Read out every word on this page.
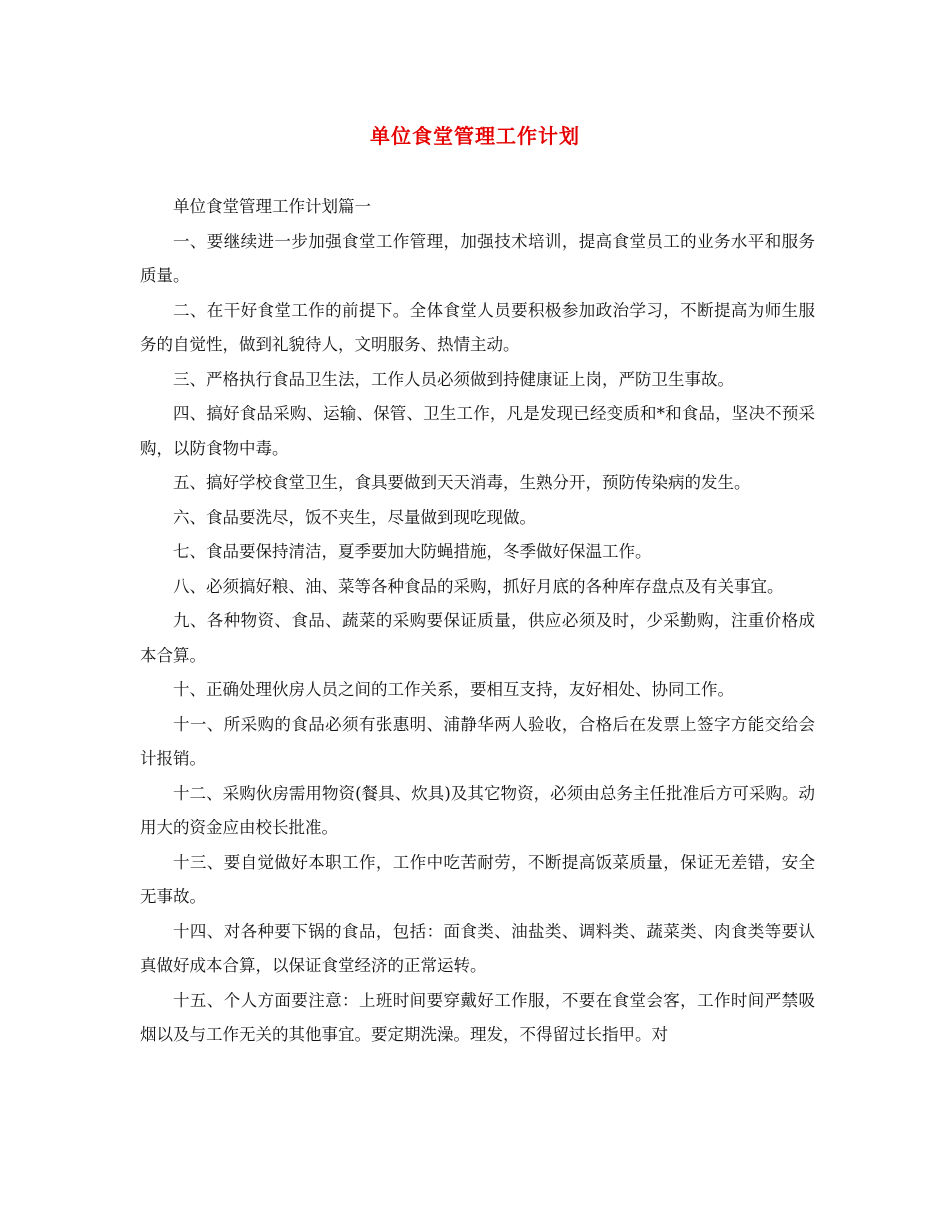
单位食堂管理工作计划

单位食堂管理工作计划篇一

一、要继续进一步加强食堂工作管理，加强技术培训，提高食堂员工的业务水平和服务质量。

二、在干好食堂工作的前提下。全体食堂人员要积极参加政治学习，不断提高为师生服务的自觉性，做到礼貌待人，文明服务、热情主动。

三、严格执行食品卫生法，工作人员必须做到持健康证上岗，严防卫生事故。

四、搞好食品采购、运输、保管、卫生工作，凡是发现已经变质和*和食品，坚决不预采购，以防食物中毒。

五、搞好学校食堂卫生，食具要做到天天消毒，生熟分开，预防传染病的发生。

六、食品要洗尽，饭不夹生，尽量做到现吃现做。

七、食品要保持清洁，夏季要加大防蝇措施，冬季做好保温工作。

八、必须搞好粮、油、菜等各种食品的采购，抓好月底的各种库存盘点及有关事宜。

九、各种物资、食品、蔬菜的采购要保证质量，供应必须及时，少采勤购，注重价格成本合算。

十、正确处理伙房人员之间的工作关系，要相互支持，友好相处、协同工作。

十一、所采购的食品必须有张惠明、浦静华两人验收，合格后在发票上签字方能交给会计报销。

十二、采购伙房需用物资(餐具、炊具)及其它物资，必须由总务主任批准后方可采购。动用大的资金应由校长批准。

十三、要自觉做好本职工作，工作中吃苦耐劳，不断提高饭菜质量，保证无差错，安全无事故。

十四、对各种要下锅的食品，包括：面食类、油盐类、调料类、蔬菜类、肉食类等要认真做好成本合算，以保证食堂经济的正常运转。

十五、个人方面要注意：上班时间要穿戴好工作服，不要在食堂会客，工作时间严禁吸烟以及与工作无关的其他事宜。要定期洗澡。理发，不得留过长指甲。对
